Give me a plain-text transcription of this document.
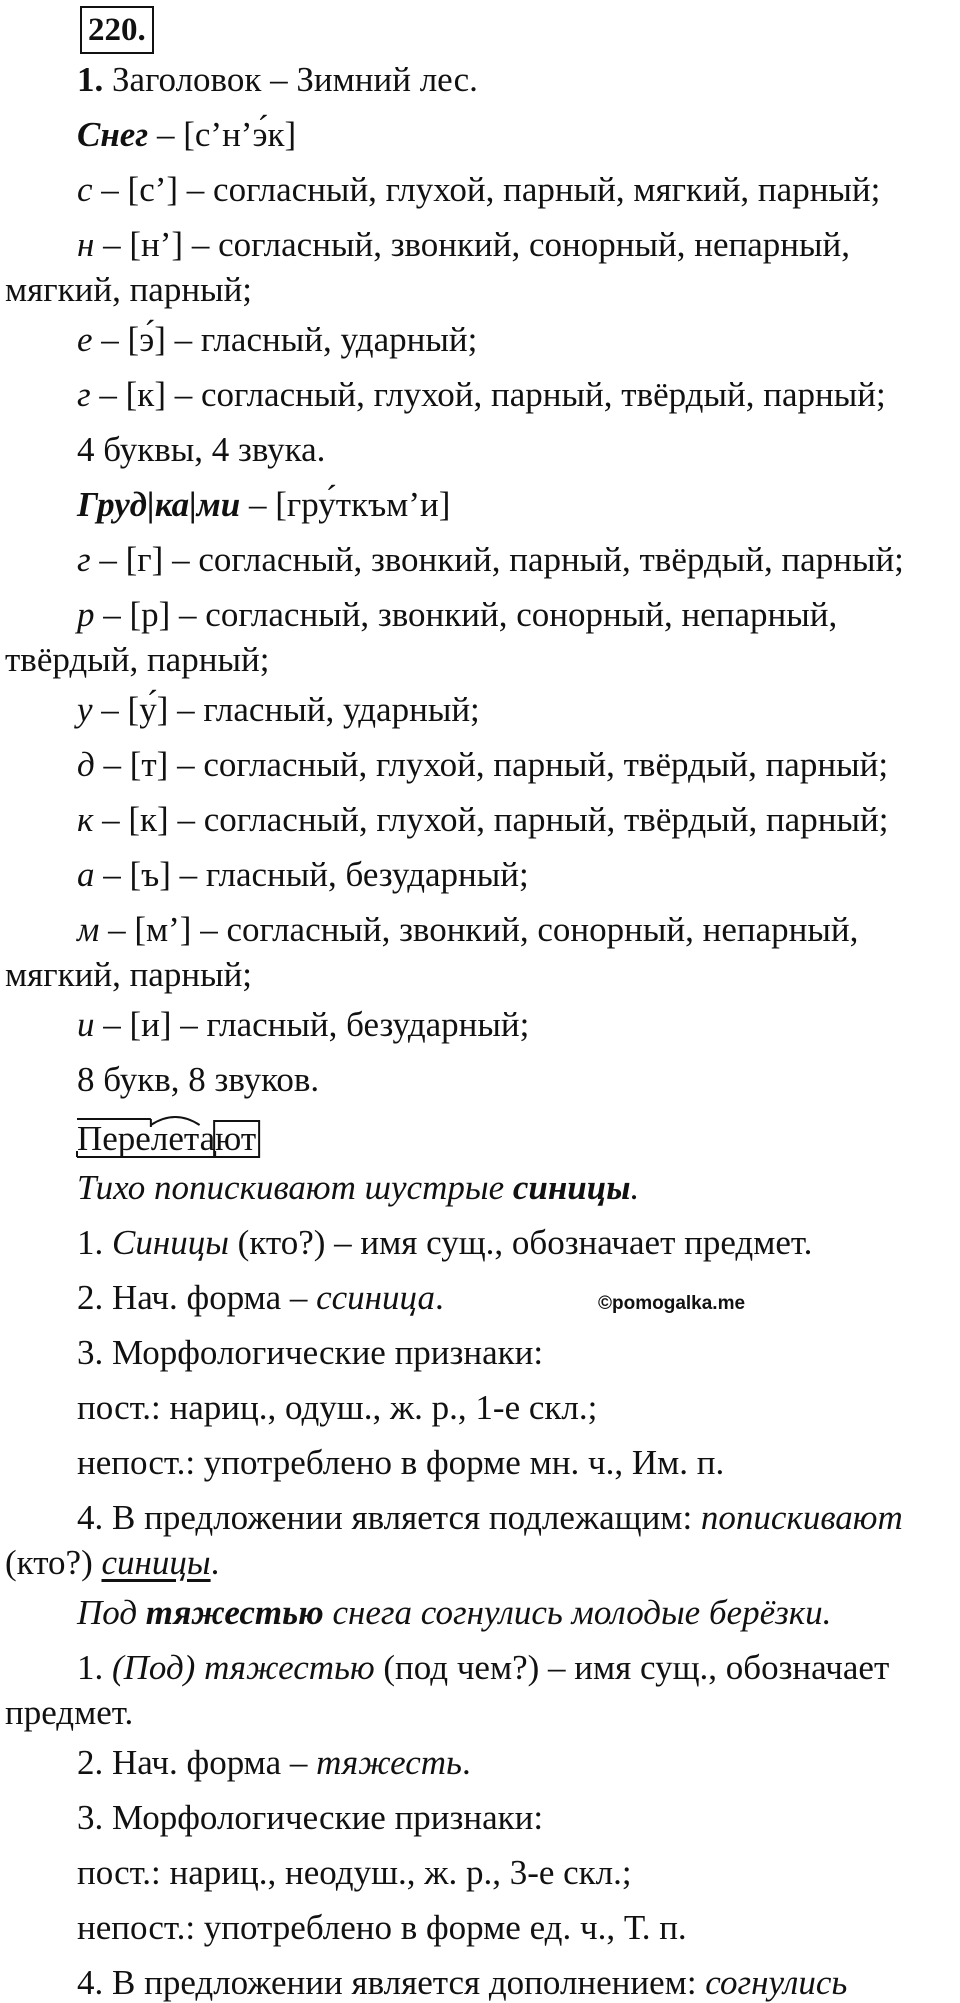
220.
1. Заголовок – Зимний лес.
Снег – [с’н’э́к]
с – [с’] – согласный, глухой, парный, мягкий, парный;
н – [н’] – согласный, звонкий, сонорный, непарный,
мягкий, парный;
е – [э́] – гласный, ударный;
г – [к] – согласный, глухой, парный, твёрдый, парный;
4 буквы, 4 звука.
Груд|ка|ми – [гру́ткъм’и]
г – [г] – согласный, звонкий, парный, твёрдый, парный;
р – [р] – согласный, звонкий, сонорный, непарный,
твёрдый, парный;
у – [у́] – гласный, ударный;
д – [т] – согласный, глухой, парный, твёрдый, парный;
к – [к] – согласный, глухой, парный, твёрдый, парный;
а – [ъ] – гласный, безударный;
м – [м’] – согласный, звонкий, сонорный, непарный,
мягкий, парный;
и – [и] – гласный, безударный;
8 букв, 8 звуков.
Перелетают
Тихо попискивают шустрые синицы.
1. Синицы (кто?) – имя сущ., обозначает предмет.
2. Нач. форма – ссиница.	©pomogalka.me
3. Морфологические признаки:
пост.: нариц., одуш., ж. р., 1-е скл.;
непост.: употреблено в форме мн. ч., Им. п.
4. В предложении является подлежащим: попискивают
(кто?) синицы.
Под тяжестью снега согнулись молодые берёзки.
1. (Под) тяжестью (под чем?) – имя сущ., обозначает
предмет.
2. Нач. форма – тяжесть.
3. Морфологические признаки:
пост.: нариц., неодуш., ж. р., 3-е скл.;
непост.: употреблено в форме ед. ч., Т. п.
4. В предложении является дополнением: согнулись
